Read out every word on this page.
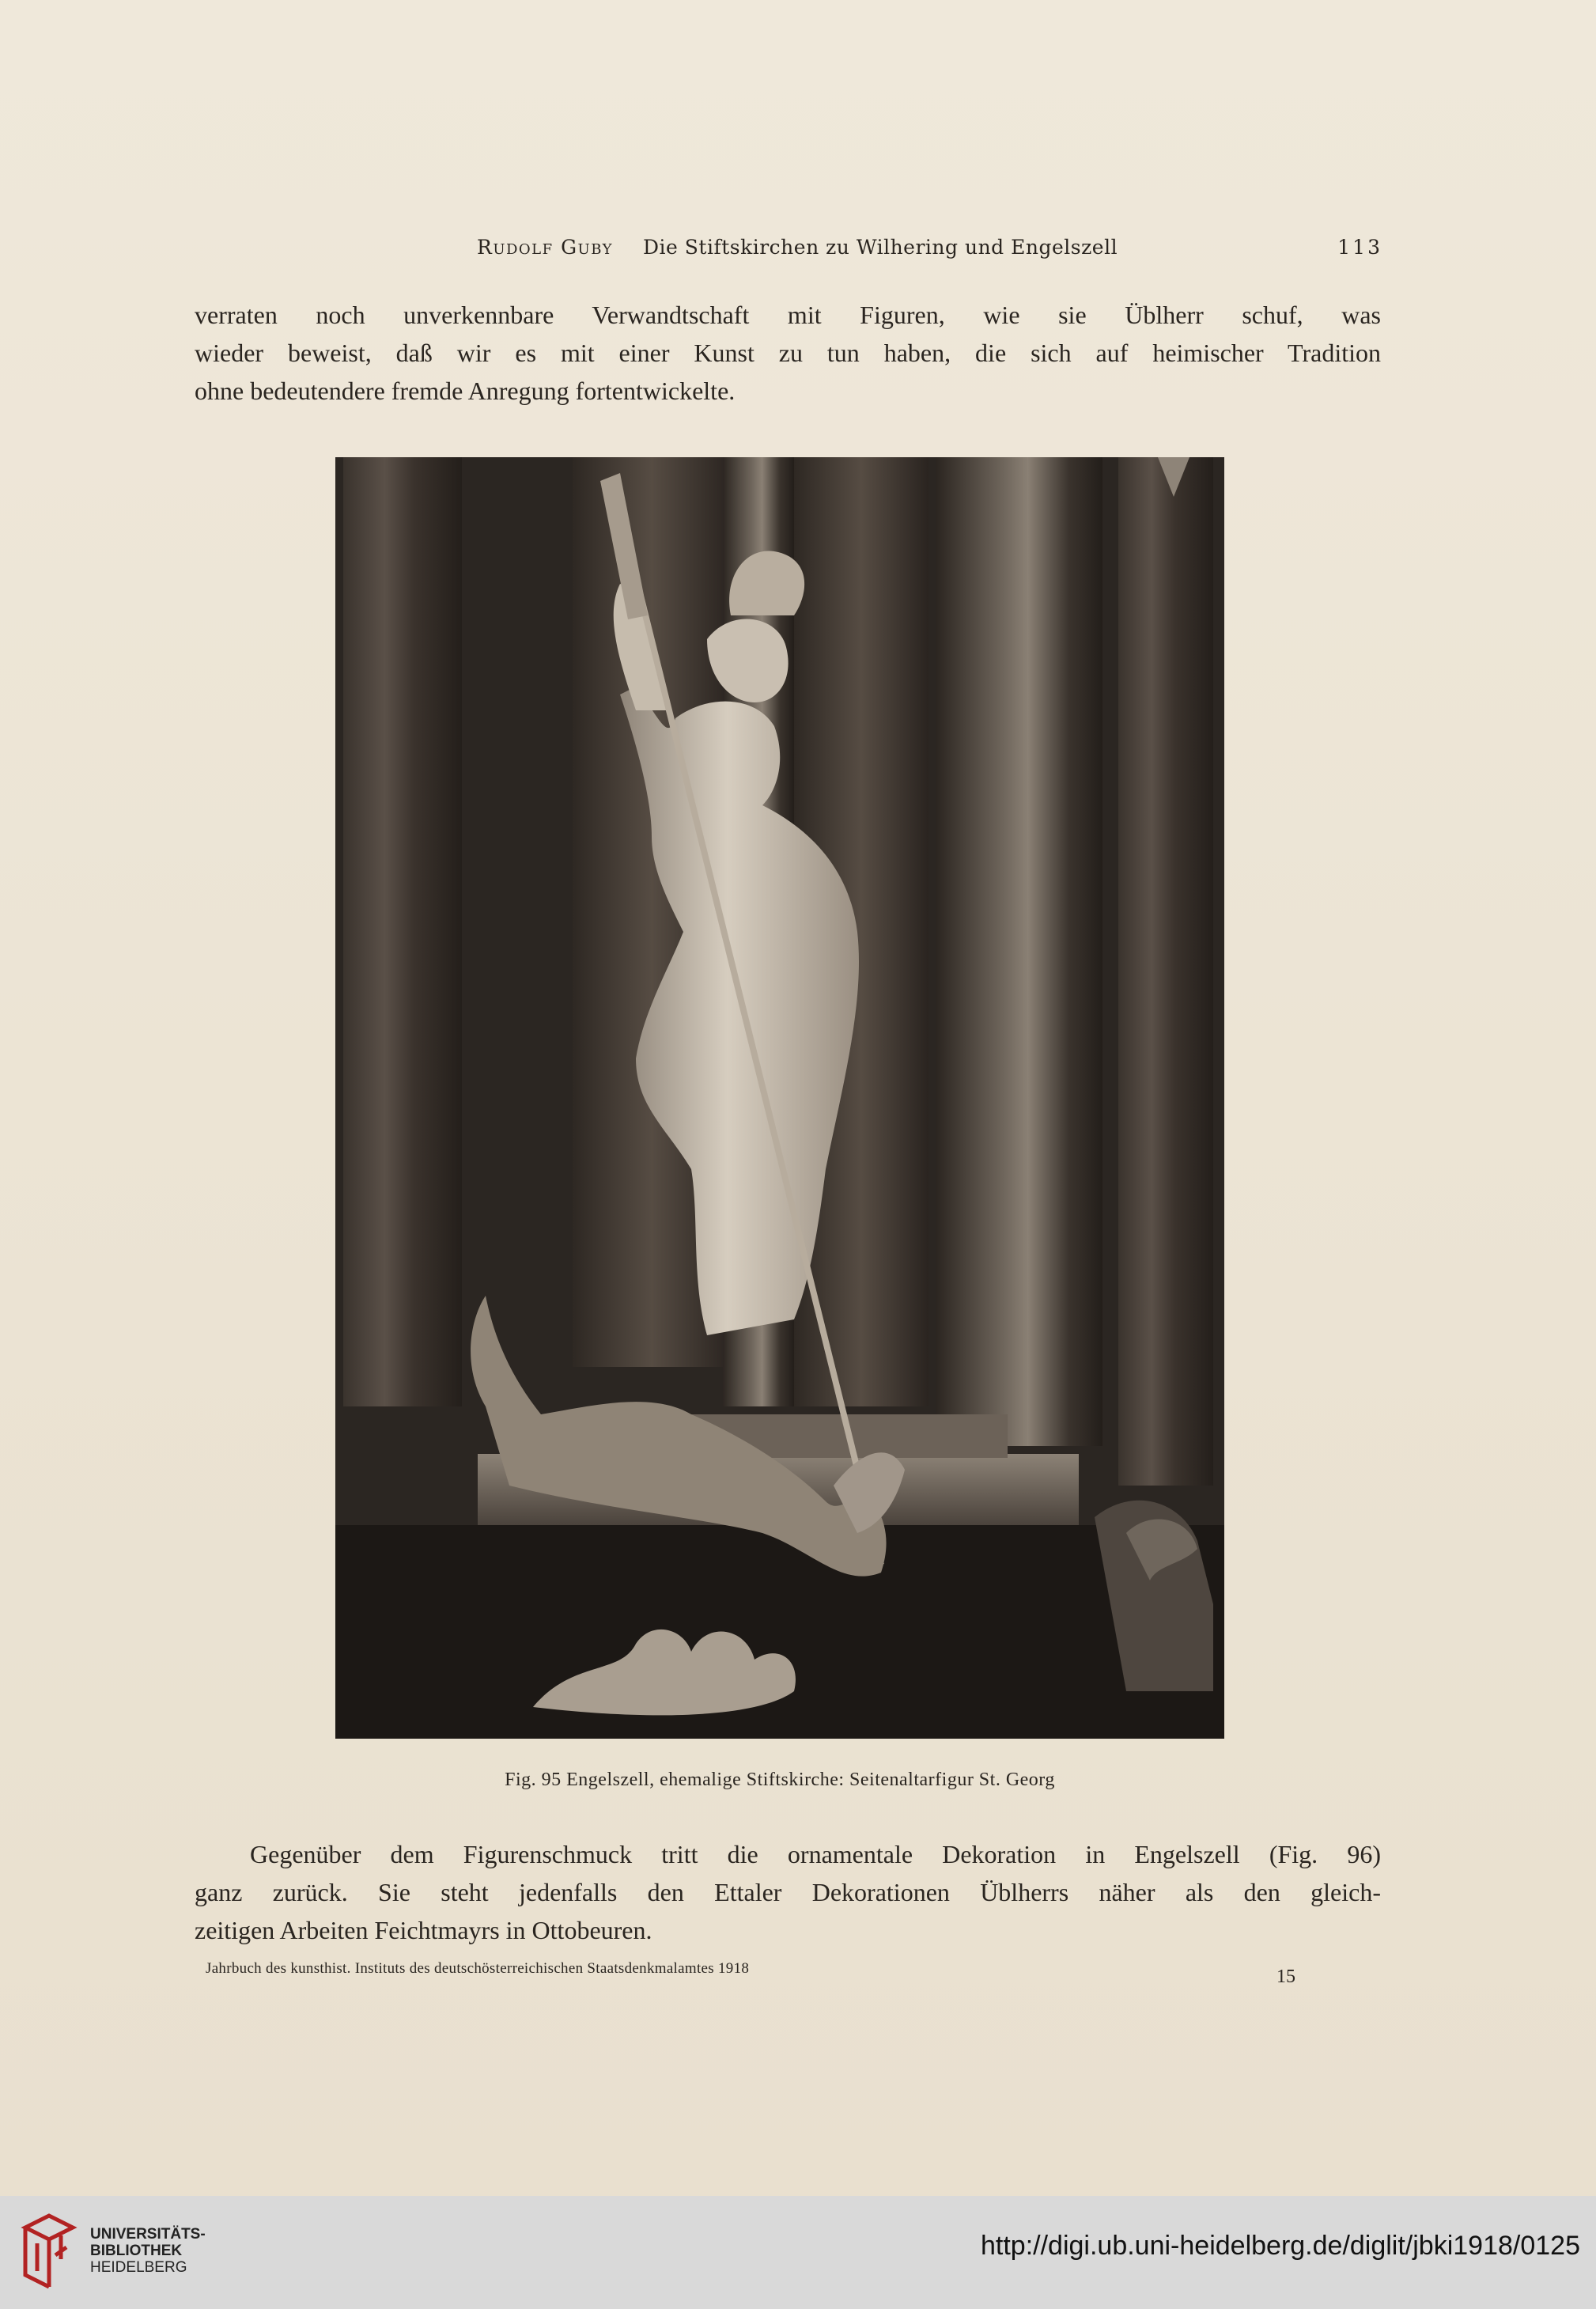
Rudolf Guby Die Stiftskirchen zu Wilhering und Engelszell	113
verraten noch unverkennbare Verwandtschaft mit Figuren, wie sie Üblherr schuf, was
wieder beweist, daß wir es mit einer Kunst zu tun haben, die sich auf heimischer Tradition
ohne bedeutendere fremde Anregung fortentwickelte.
Fig. 95 Engelszell, ehemalige Stiftskirche: Seitenaltarfigur St. Georg
Gegenüber dem Figurenschmuck tritt die ornamentale Dekoration in Engelszell (Fig. 96)
ganz zurück. Sie steht jedenfalls den Ettaler Dekorationen Üblherrs näher als den gleich-
zeitigen Arbeiten Feichtmayrs in Ottobeuren.
Jahrbuch des kunsthist. Instituts des deutschösterreichischen Staatsdenkmalamtes 1918	15
UNIVERSITÄTS-
BIBLIOTHEK
HEIDELBERG
http://digi.ub.uni-heidelberg.de/diglit/jbki1918/0125
